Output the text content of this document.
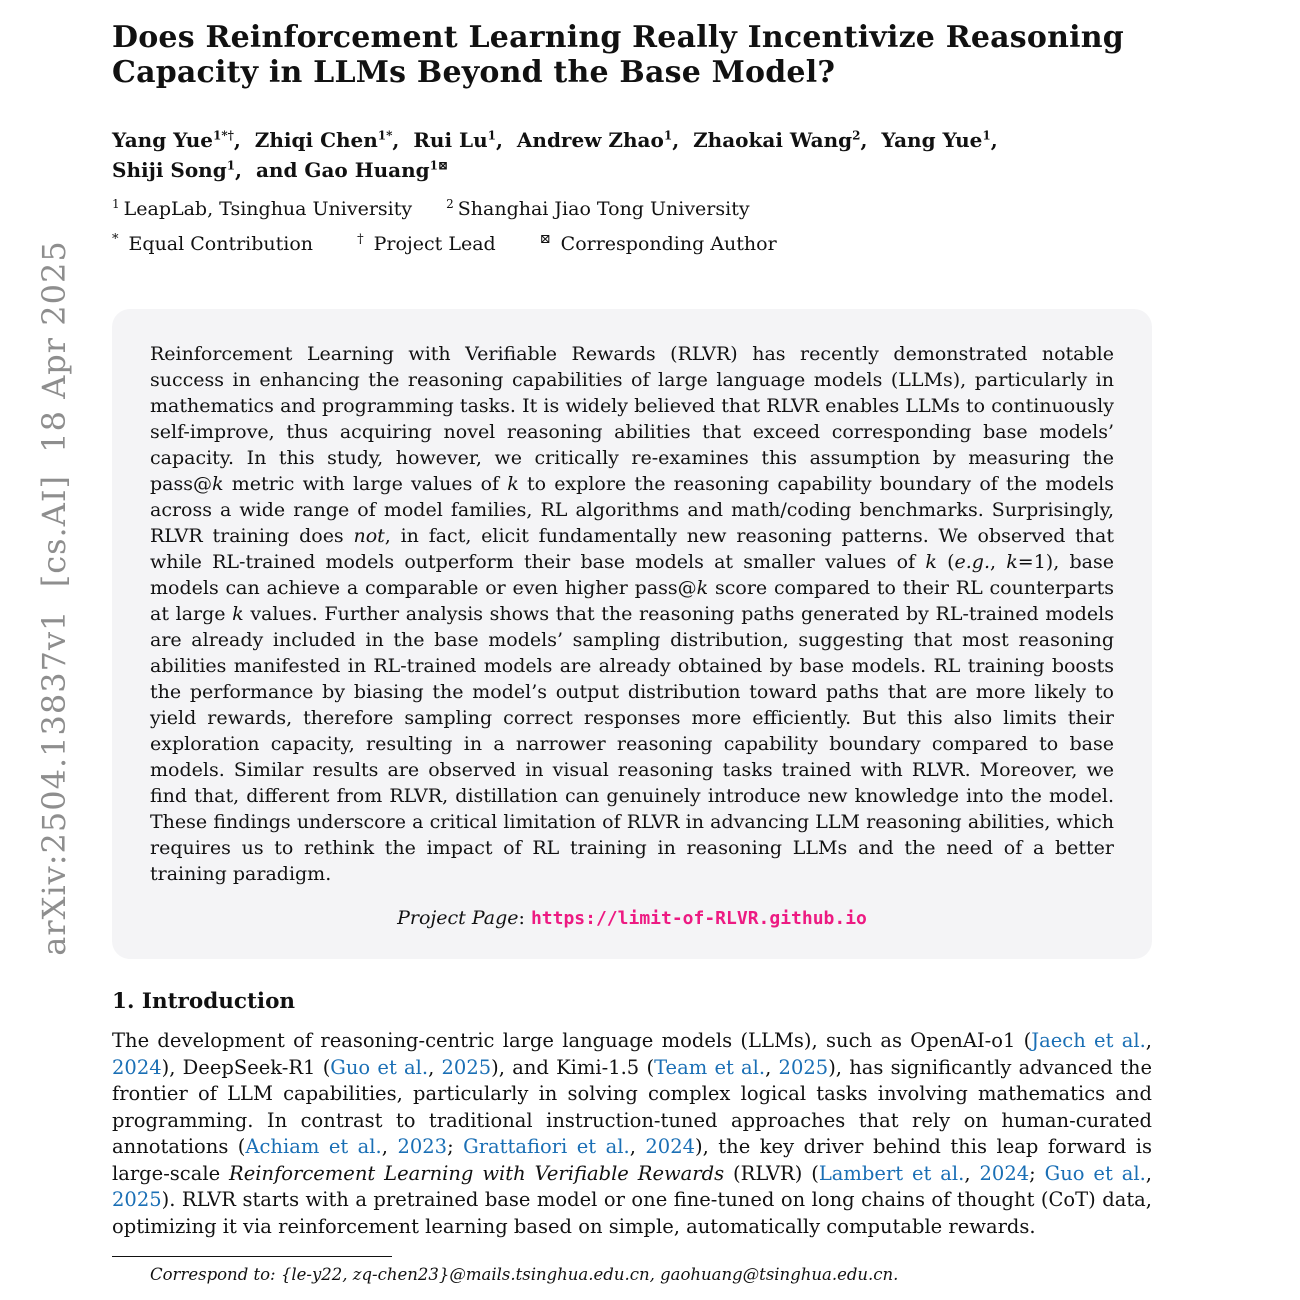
arXiv:2504.13837v1  [cs.AI]  18 Apr 2025
Does Reinforcement Learning Really Incentivize Reasoning
Capacity in LLMs Beyond the Base Model?
Yang Yue$^{1*\dagger}$,  Zhiqi Chen$^{1*}$,  Rui Lu$^1$,  Andrew Zhao$^1$,  Zhaokai Wang$^2$,  Yang Yue$^1$,
Shiji Song$^1$,  and Gao Huang$^{1⊠}$
$^1$ LeapLab, Tsinghua University	$^2$ Shanghai Jiao Tong University
* Equal Contribution	† Project Lead	⊠ Corresponding Author
Reinforcement Learning with Verifiable Rewards (RLVR) has recently demonstrated notable success in enhancing the reasoning capabilities of large language models (LLMs), particularly in mathematics and programming tasks. It is widely believed that RLVR enables LLMs to continuously self-improve, thus acquiring novel reasoning abilities that exceed corresponding base models’ capacity. In this study, however, we critically re-examines this assumption by measuring the pass@k metric with large values of k to explore the reasoning capability boundary of the models across a wide range of model families, RL algorithms and math/coding benchmarks. Surprisingly, RLVR training does not, in fact, elicit fundamentally new reasoning patterns. We observed that while RL-trained models outperform their base models at smaller values of k (e.g., k=1), base models can achieve a comparable or even higher pass@k score compared to their RL counterparts at large k values. Further analysis shows that the reasoning paths generated by RL-trained models are already included in the base models’ sampling distribution, suggesting that most reasoning abilities manifested in RL-trained models are already obtained by base models. RL training boosts the performance by biasing the model’s output distribution toward paths that are more likely to yield rewards, therefore sampling correct responses more efficiently. But this also limits their exploration capacity, resulting in a narrower reasoning capability boundary compared to base models. Similar results are observed in visual reasoning tasks trained with RLVR. Moreover, we find that, different from RLVR, distillation can genuinely introduce new knowledge into the model. These findings underscore a critical limitation of RLVR in advancing LLM reasoning abilities, which requires us to rethink the impact of RL training in reasoning LLMs and the need of a better training paradigm.
Project Page: https://limit-of-RLVR.github.io
1. Introduction
The development of reasoning-centric large language models (LLMs), such as OpenAI-o1 (Jaech et al., 2024), DeepSeek-R1 (Guo et al., 2025), and Kimi-1.5 (Team et al., 2025), has significantly advanced the frontier of LLM capabilities, particularly in solving complex logical tasks involving mathematics and programming. In contrast to traditional instruction-tuned approaches that rely on human-curated annotations (Achiam et al., 2023; Grattafiori et al., 2024), the key driver behind this leap forward is large-scale Reinforcement Learning with Verifiable Rewards (RLVR) (Lambert et al., 2024; Guo et al., 2025). RLVR starts with a pretrained base model or one fine-tuned on long chains of thought (CoT) data, optimizing it via reinforcement learning based on simple, automatically computable rewards.
Correspond to: {le-y22, zq-chen23}@mails.tsinghua.edu.cn, gaohuang@tsinghua.edu.cn.
